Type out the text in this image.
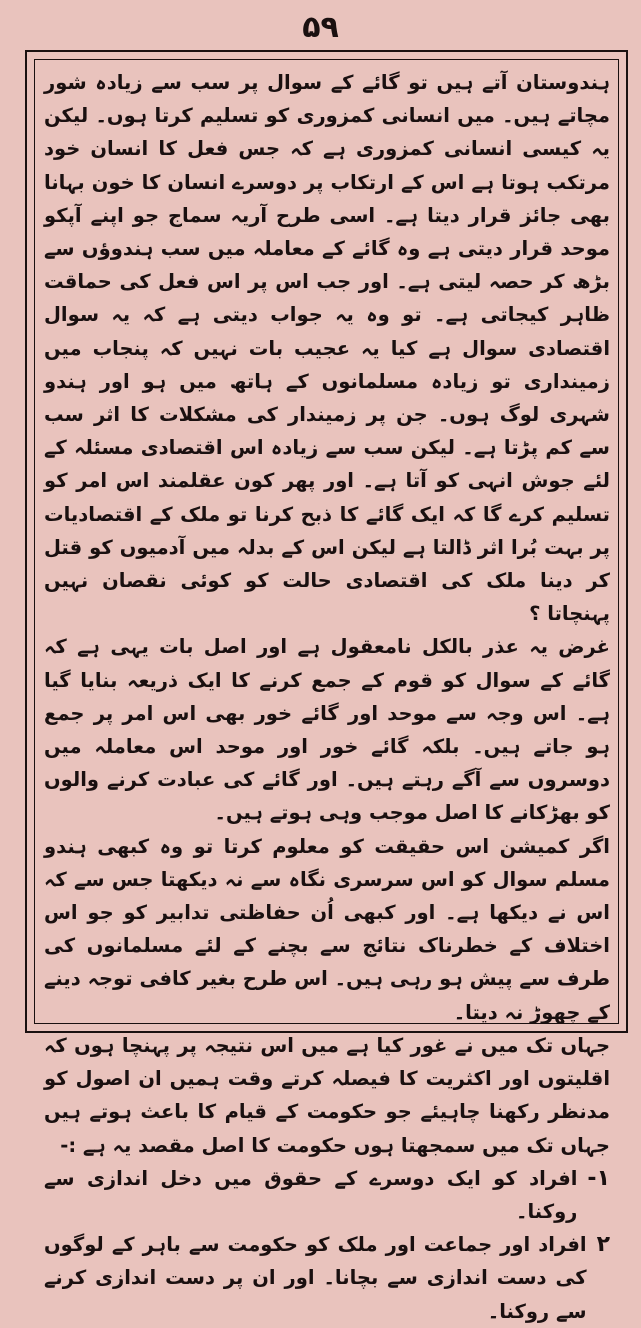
۵۹

ہندوستان آتے ہیں تو گائے کے سوال پر سب سے زیادہ شور مچاتے ہیں۔ میں انسانی کمزوری کو تسلیم کرتا ہوں۔ لیکن یہ کیسی انسانی کمزوری ہے کہ جس فعل کا انسان خود مرتکب ہوتا ہے اس کے ارتکاب پر دوسرے انسان کا خون بہانا بھی جائز قرار دیتا ہے۔ اسی طرح آریہ سماج جو اپنے آپکو موحد قرار دیتی ہے وہ گائے کے معاملہ میں سب ہندوؤں سے بڑھ کر حصہ لیتی ہے۔ اور جب اس پر اس فعل کی حماقت ظاہر کیجاتی ہے۔ تو وہ یہ جواب دیتی ہے کہ یہ سوال اقتصادی سوال ہے کیا یہ عجیب بات نہیں کہ پنجاب میں زمینداری تو زیادہ مسلمانوں کے ہاتھ میں ہو اور ہندو شہری لوگ ہوں۔ جن پر زمیندار کی مشکلات کا اثر سب سے کم پڑتا ہے۔ لیکن سب سے زیادہ اس اقتصادی مسئلہ کے لئے جوش انہی کو آتا ہے۔ اور پھر کون عقلمند اس امر کو تسلیم کرے گا کہ ایک گائے کا ذبح کرنا تو ملک کے اقتصادیات پر بہت بُرا اثر ڈالتا ہے لیکن اس کے بدلہ میں آدمیوں کو قتل کر دینا ملک کی اقتصادی حالت کو کوئی نقصان نہیں پہنچاتا ؟

غرض یہ عذر بالکل نامعقول ہے اور اصل بات یہی ہے کہ گائے کے سوال کو قوم کے جمع کرنے کا ایک ذریعہ بنایا گیا ہے۔ اس وجہ سے موحد اور گائے خور بھی اس امر پر جمع ہو جاتے ہیں۔ بلکہ گائے خور اور موحد اس معاملہ میں دوسروں سے آگے رہتے ہیں۔ اور گائے کی عبادت کرنے والوں کو بھڑکانے کا اصل موجب وہی ہوتے ہیں۔

اگر کمیشن اس حقیقت کو معلوم کرتا تو وہ کبھی ہندو مسلم سوال کو اس سرسری نگاہ سے نہ دیکھتا جس سے کہ اس نے دیکھا ہے۔ اور کبھی اُن حفاظتی تدابیر کو جو اس اختلاف کے خطرناک نتائج سے بچنے کے لئے مسلمانوں کی طرف سے پیش ہو رہی ہیں۔ اس طرح بغیر کافی توجہ دینے کے چھوڑ نہ دیتا۔

جہاں تک میں نے غور کیا ہے میں اس نتیجہ پر پہنچا ہوں کہ اقلیتوں اور اکثریت کا فیصلہ کرتے وقت ہمیں ان اصول کو مدنظر رکھنا چاہیئے جو حکومت کے قیام کا باعث ہوتے ہیں جہاں تک میں سمجھتا ہوں حکومت کا اصل مقصد یہ ہے :-

۱-
افراد کو ایک دوسرے کے حقوق میں دخل اندازی سے روکنا۔
۲
افراد اور جماعت اور ملک کو حکومت سے باہر کے لوگوں کی دست اندازی سے بچانا۔ اور ان پر دست اندازی کرنے سے روکنا۔
